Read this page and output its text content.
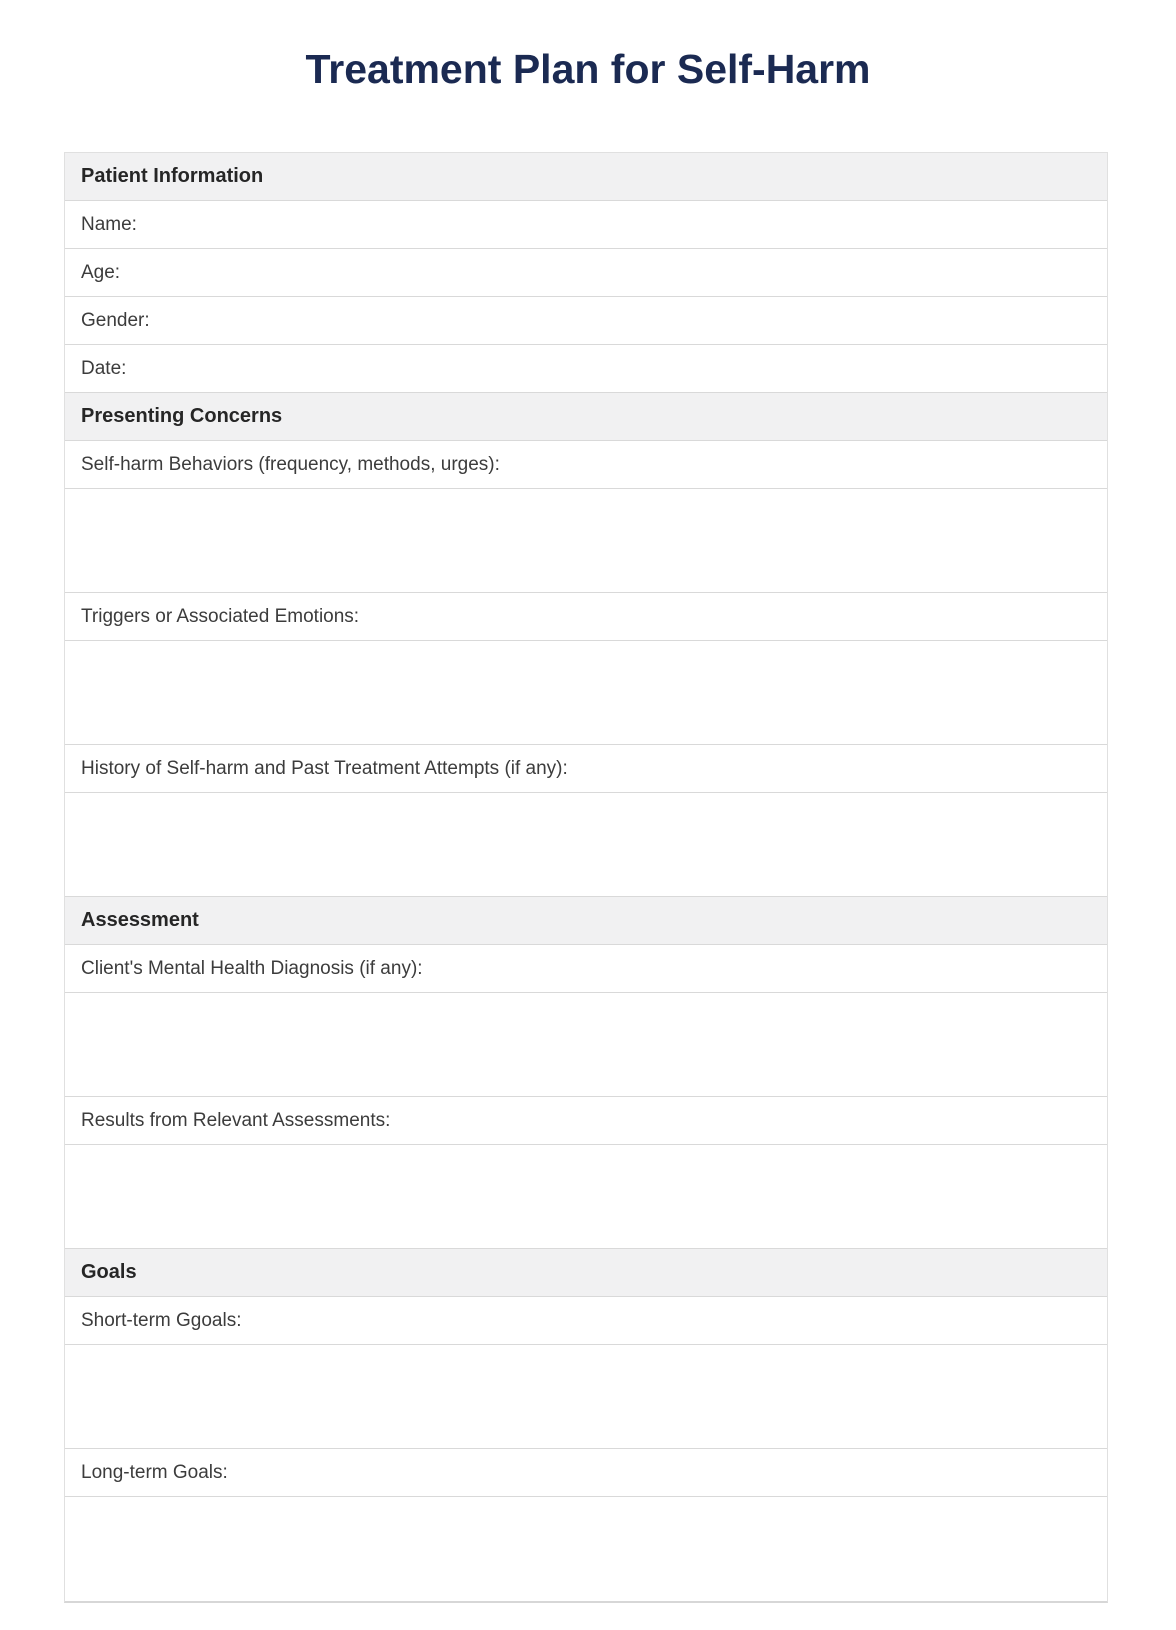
Treatment Plan for Self-Harm
Patient Information
Name:
Age:
Gender:
Date:
Presenting Concerns
Self-harm Behaviors (frequency, methods, urges):
Triggers or Associated Emotions:
History of Self-harm and Past Treatment Attempts (if any):
Assessment
Client's Mental Health Diagnosis (if any):
Results from Relevant Assessments:
Goals
Short-term Ggoals:
Long-term Goals:
